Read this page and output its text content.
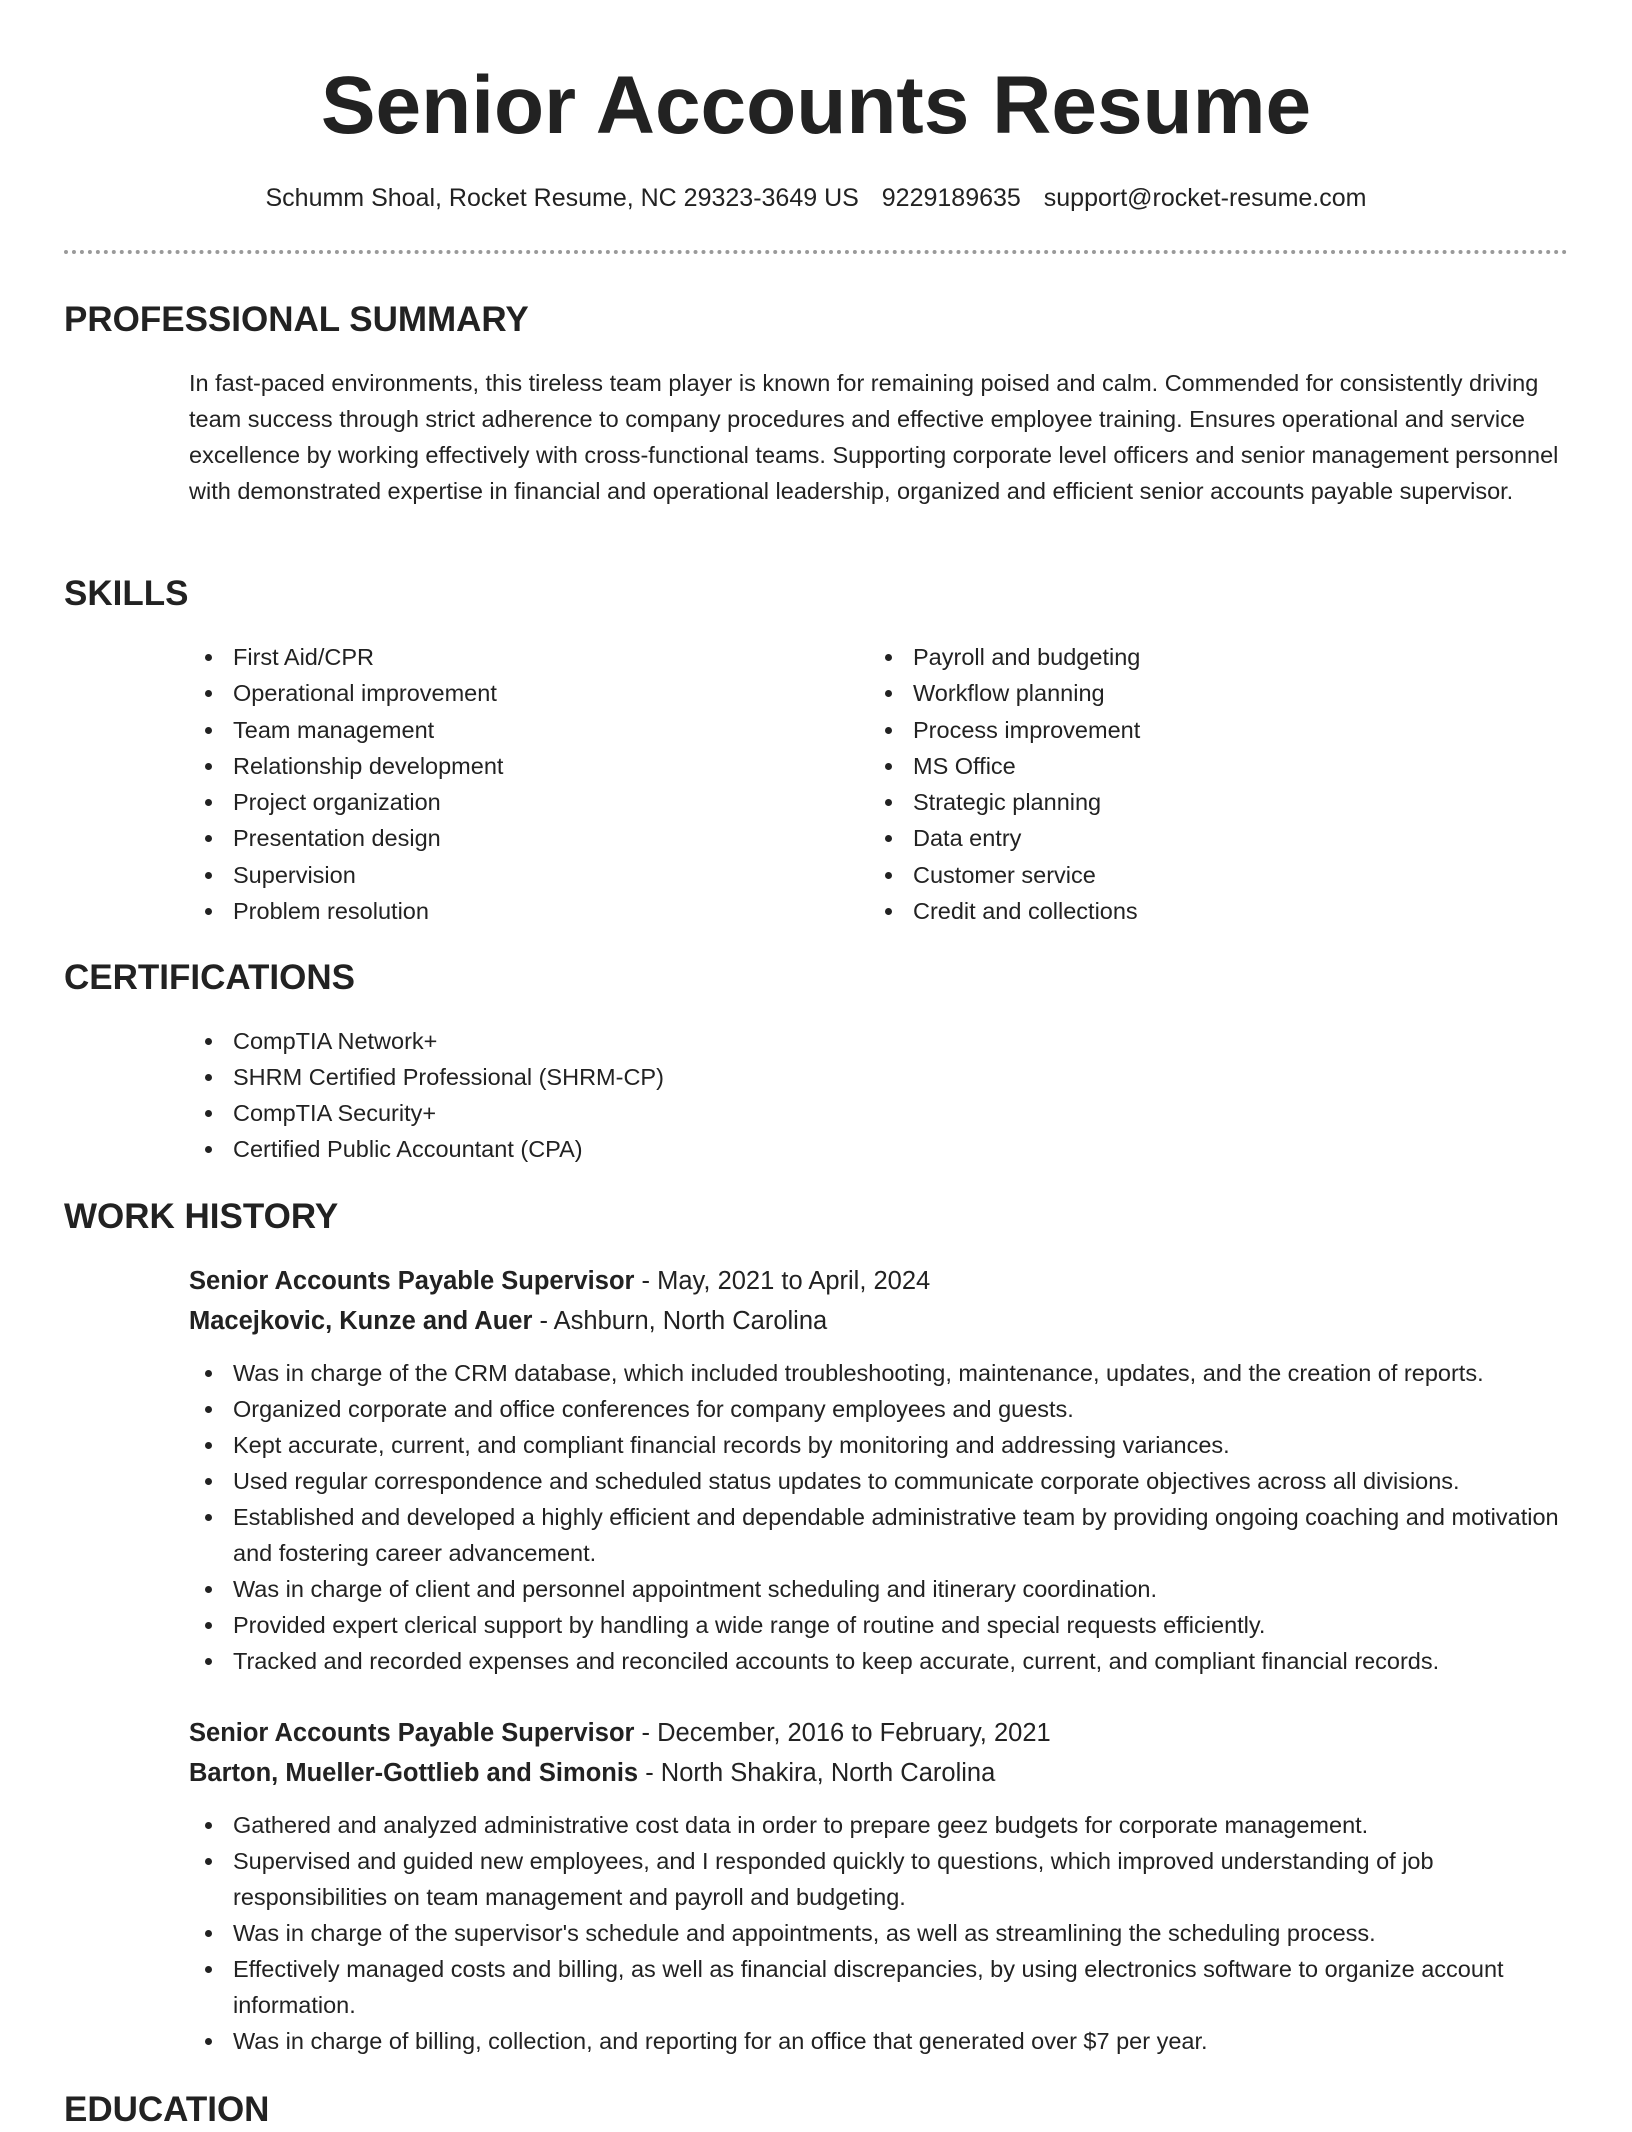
Senior Accounts Resume
Schumm Shoal, Rocket Resume, NC 29323-3649 US 9229189635 support@rocket-resume.com
PROFESSIONAL SUMMARY

In fast-paced environments, this tireless team player is known for remaining poised and calm. Commended for consistently driving team success through strict adherence to company procedures and effective employee training. Ensures operational and service excellence by working effectively with cross-functional teams. Supporting corporate level officers and senior management personnel with demonstrated expertise in financial and operational leadership, organized and efficient senior accounts payable supervisor.

SKILLS
First Aid/CPR
Operational improvement
Team management
Relationship development
Project organization
Presentation design
Supervision
Problem resolution
Payroll and budgeting
Workflow planning
Process improvement
MS Office
Strategic planning
Data entry
Customer service
Credit and collections
CERTIFICATIONS
CompTIA Network+
SHRM Certified Professional (SHRM-CP)
CompTIA Security+
Certified Public Accountant (CPA)
WORK HISTORY
Senior Accounts Payable Supervisor - May, 2021 to April, 2024
Macejkovic, Kunze and Auer - Ashburn, North Carolina
Was in charge of the CRM database, which included troubleshooting, maintenance, updates, and the creation of reports.
Organized corporate and office conferences for company employees and guests.
Kept accurate, current, and compliant financial records by monitoring and addressing variances.
Used regular correspondence and scheduled status updates to communicate corporate objectives across all divisions.
Established and developed a highly efficient and dependable administrative team by providing ongoing coaching and motivation and fostering career advancement.
Was in charge of client and personnel appointment scheduling and itinerary coordination.
Provided expert clerical support by handling a wide range of routine and special requests efficiently.
Tracked and recorded expenses and reconciled accounts to keep accurate, current, and compliant financial records.
Senior Accounts Payable Supervisor - December, 2016 to February, 2021
Barton, Mueller-Gottlieb and Simonis - North Shakira, North Carolina
Gathered and analyzed administrative cost data in order to prepare geez budgets for corporate management.
Supervised and guided new employees, and I responded quickly to questions, which improved understanding of job responsibilities on team management and payroll and budgeting.
Was in charge of the supervisor's schedule and appointments, as well as streamlining the scheduling process.
Effectively managed costs and billing, as well as financial discrepancies, by using electronics software to organize account information.
Was in charge of billing, collection, and reporting for an office that generated over $7 per year.
EDUCATION
